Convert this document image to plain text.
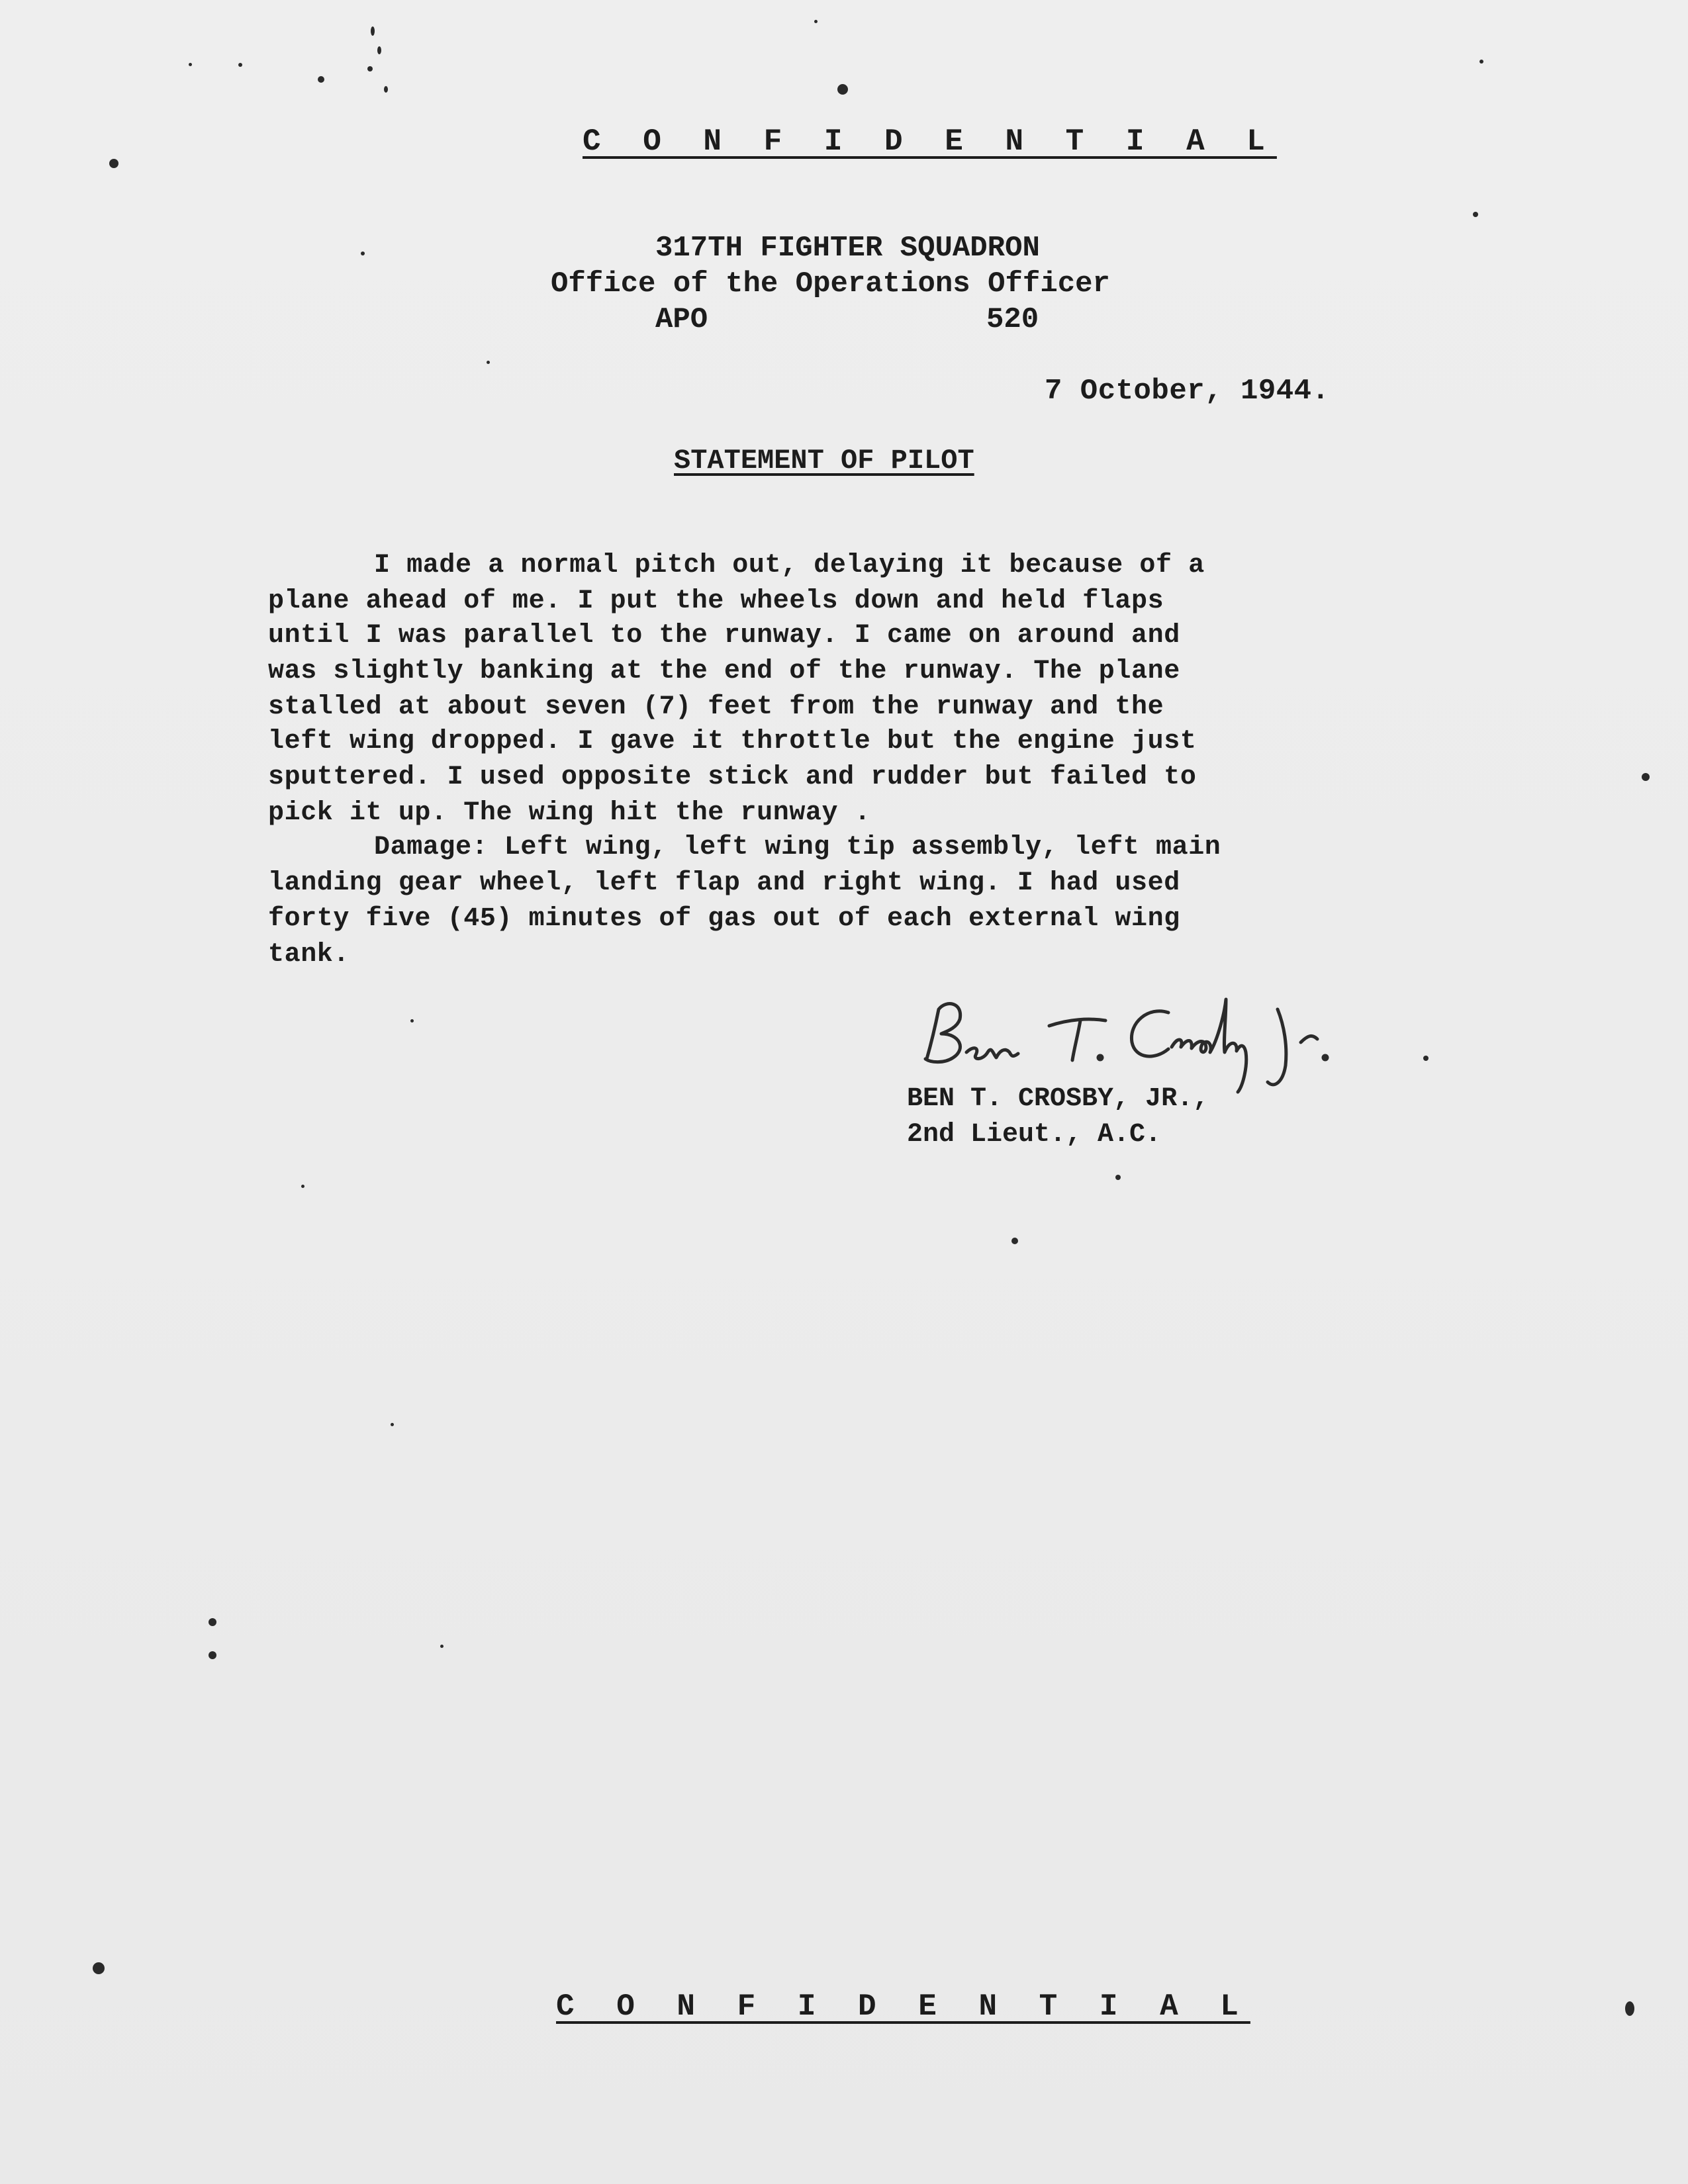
C O N F I D E N T I A L
317TH FIGHTER SQUADRON
Office of the Operations Officer
APO	520
7 October, 1944.
STATEMENT OF PILOT
I made a normal pitch out, delaying it because of a
plane ahead of me. I put the wheels down and held flaps
until I was parallel to the runway. I came on around and
was slightly banking at the end of the runway. The plane
stalled at about seven (7) feet from the runway and the
left wing dropped. I gave it throttle but the engine just
sputtered. I used opposite stick and rudder but failed to
pick it up. The wing hit the runway .
Damage: Left wing, left wing tip assembly, left main
landing gear wheel, left flap and right wing. I had used
forty five (45) minutes of gas out of each external wing
tank.
BEN T. CROSBY, JR.,
2nd Lieut., A.C.
C O N F I D E N T I A L
